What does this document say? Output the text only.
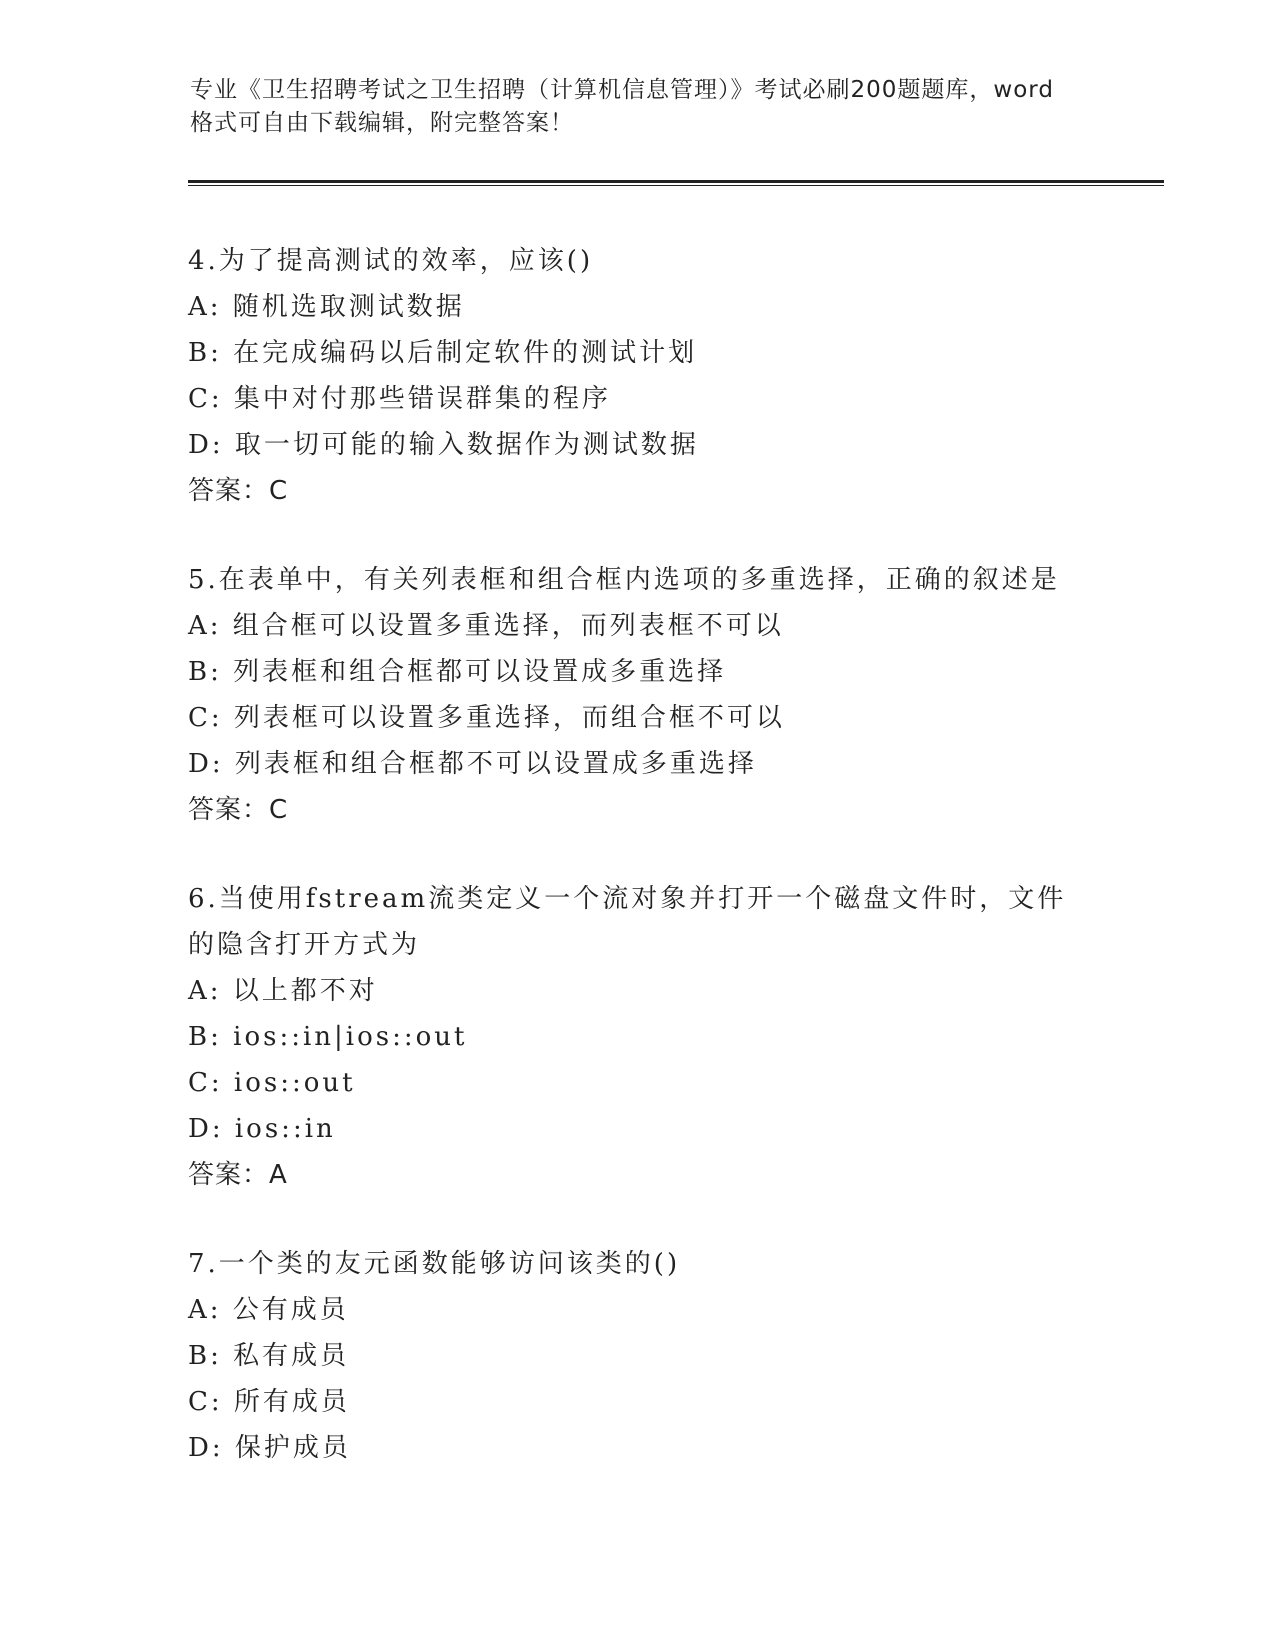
专业《卫生招聘考试之卫生招聘（计算机信息管理）》考试必刷200题题库，word
格式可自由下载编辑，附完整答案！
4.为了提高测试的效率，应该()
A: 随机选取测试数据
B: 在完成编码以后制定软件的测试计划
C: 集中对付那些错误群集的程序
D: 取一切可能的输入数据作为测试数据
答案：C
5.在表单中，有关列表框和组合框内选项的多重选择，正确的叙述是
A: 组合框可以设置多重选择，而列表框不可以
B: 列表框和组合框都可以设置成多重选择
C: 列表框可以设置多重选择，而组合框不可以
D: 列表框和组合框都不可以设置成多重选择
答案：C
6.当使用fstream流类定义一个流对象并打开一个磁盘文件时，文件
的隐含打开方式为
A: 以上都不对
B: ios::in|ios::out
C: ios::out
D: ios::in
答案：A
7.一个类的友元函数能够访问该类的()
A: 公有成员
B: 私有成员
C: 所有成员
D: 保护成员
